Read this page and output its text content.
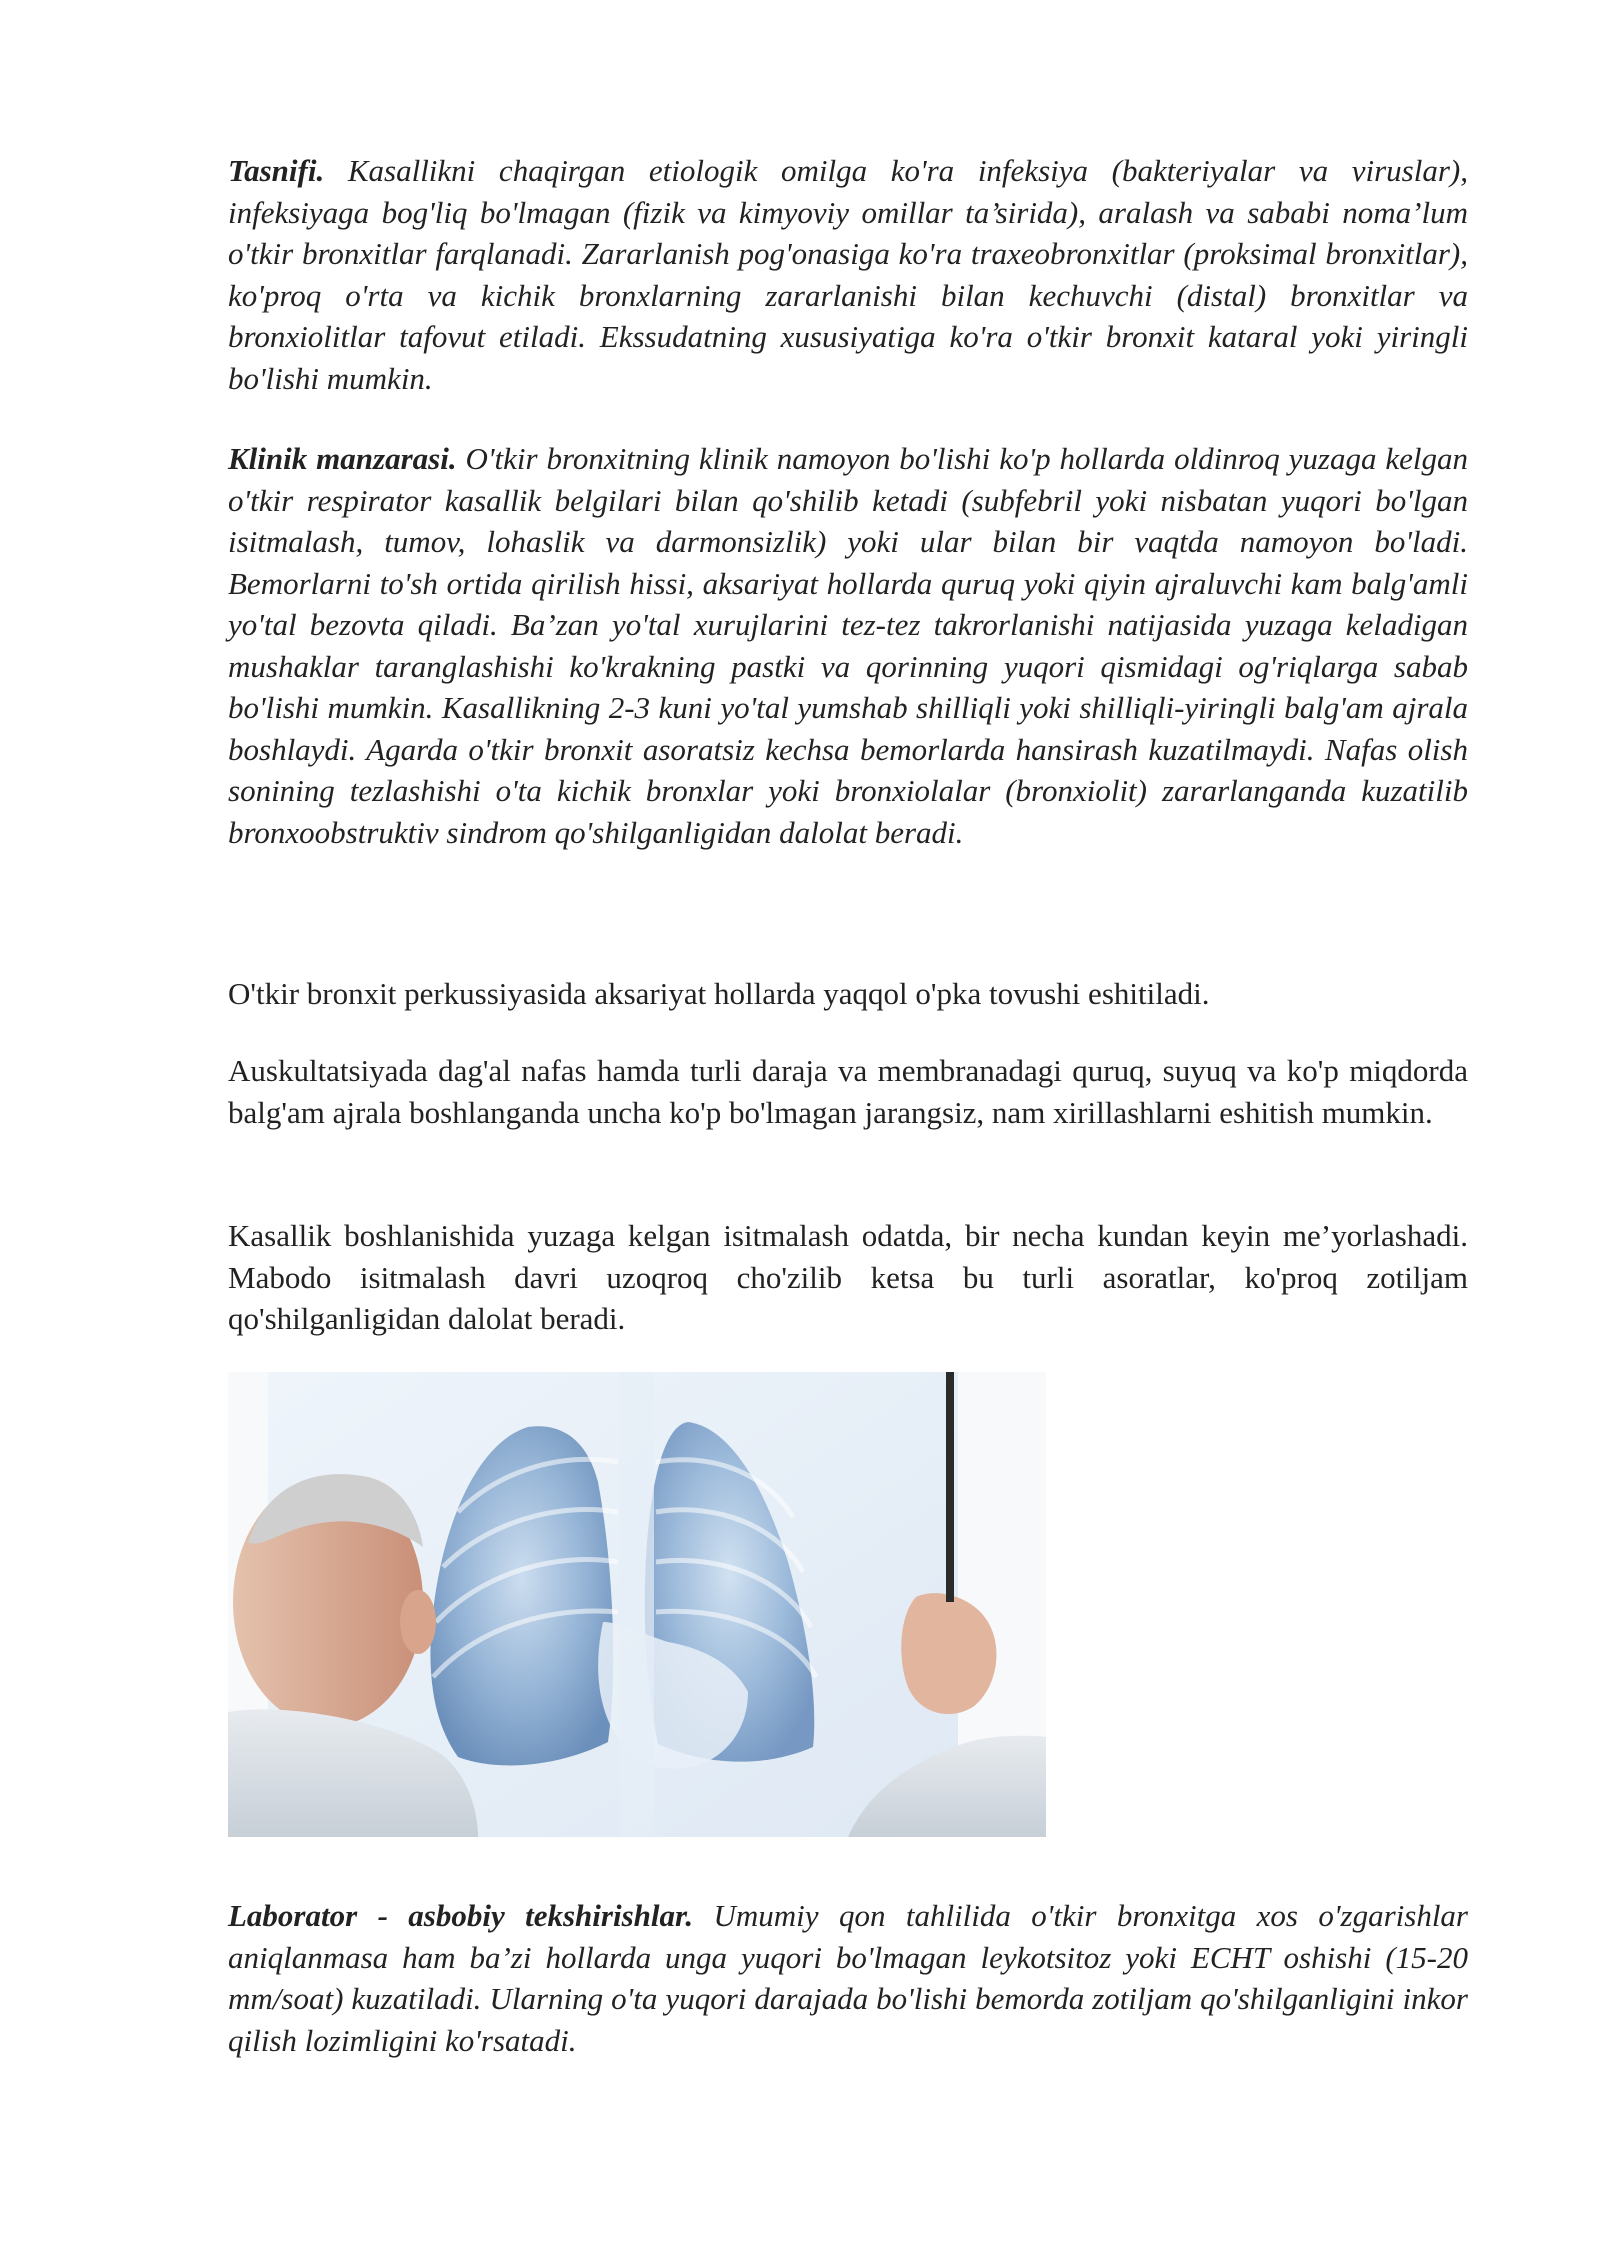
Tasnifi. Kasallikni chaqirgan etiologik omilga ko'ra infeksiya (bakteriyalar va viruslar), infeksiyaga bog'liq bo'lmagan (fizik va kimyoviy omillar ta’sirida), aralash va sababi noma’lum o'tkir bronxitlar farqlanadi. Zararlanish pog'onasiga ko'ra traxeobronxitlar (proksimal bronxitlar), ko'proq o'rta va kichik bronxlarning zararlanishi bilan kechuvchi (distal) bronxitlar va bronxiolitlar tafovut etiladi. Ekssudatning xususiyatiga ko'ra o'tkir bronxit kataral yoki yiringli bo'lishi mumkin.

Klinik manzarasi. O'tkir bronxitning klinik namoyon bo'lishi ko'p hollarda oldinroq yuzaga kelgan o'tkir respirator kasallik belgilari bilan qo'shilib ketadi (subfebril yoki nisbatan yuqori bo'lgan isitmalash, tumov, lohaslik va darmonsizlik) yoki ular bilan bir vaqtda namoyon bo'ladi. Bemorlarni to'sh ortida qirilish hissi, aksariyat hollarda quruq yoki qiyin ajraluvchi kam balg'amli yo'tal bezovta qiladi. Ba’zan yo'tal xurujlarini tez-tez takrorlanishi natijasida yuzaga keladigan mushaklar taranglashishi ko'krakning pastki va qorinning yuqori qismidagi og'riqlarga sabab bo'lishi mumkin. Kasallikning 2-3 kuni yo'tal yumshab shilliqli yoki shilliqli-yiringli balg'am ajrala boshlaydi. Agarda o'tkir bronxit asoratsiz kechsa bemorlarda hansirash kuzatilmaydi. Nafas olish sonining tezlashishi o'ta kichik bronxlar yoki bronxiolalar (bronxiolit) zararlanganda kuzatilib bronxoobstruktiv sindrom qo'shilganligidan dalolat beradi.

O'tkir bronxit perkussiyasida aksariyat hollarda yaqqol o'pka tovushi eshitiladi.

Auskultatsiyada dag'al nafas hamda turli daraja va membranadagi quruq, suyuq va ko'p miqdorda balg'am ajrala boshlanganda uncha ko'p bo'lmagan jarangsiz, nam xirillashlarni eshitish mumkin.

Kasallik boshlanishida yuzaga kelgan isitmalash odatda, bir necha kundan keyin me’yorlashadi. Mabodo isitmalash davri uzoqroq cho'zilib ketsa bu turli asoratlar, ko'proq zotiljam qo'shilganligidan dalolat beradi.

Laborator - asbobiy tekshirishlar. Umumiy qon tahlilida o'tkir bronxitga xos o'zgarishlar aniqlanmasa ham ba’zi hollarda unga yuqori bo'lmagan leykotsitoz yoki ECHT oshishi (15-20 mm/soat) kuzatiladi. Ularning o'ta yuqori darajada bo'lishi bemorda zotiljam qo'shilganligini inkor qilish lozimligini ko'rsatadi.
